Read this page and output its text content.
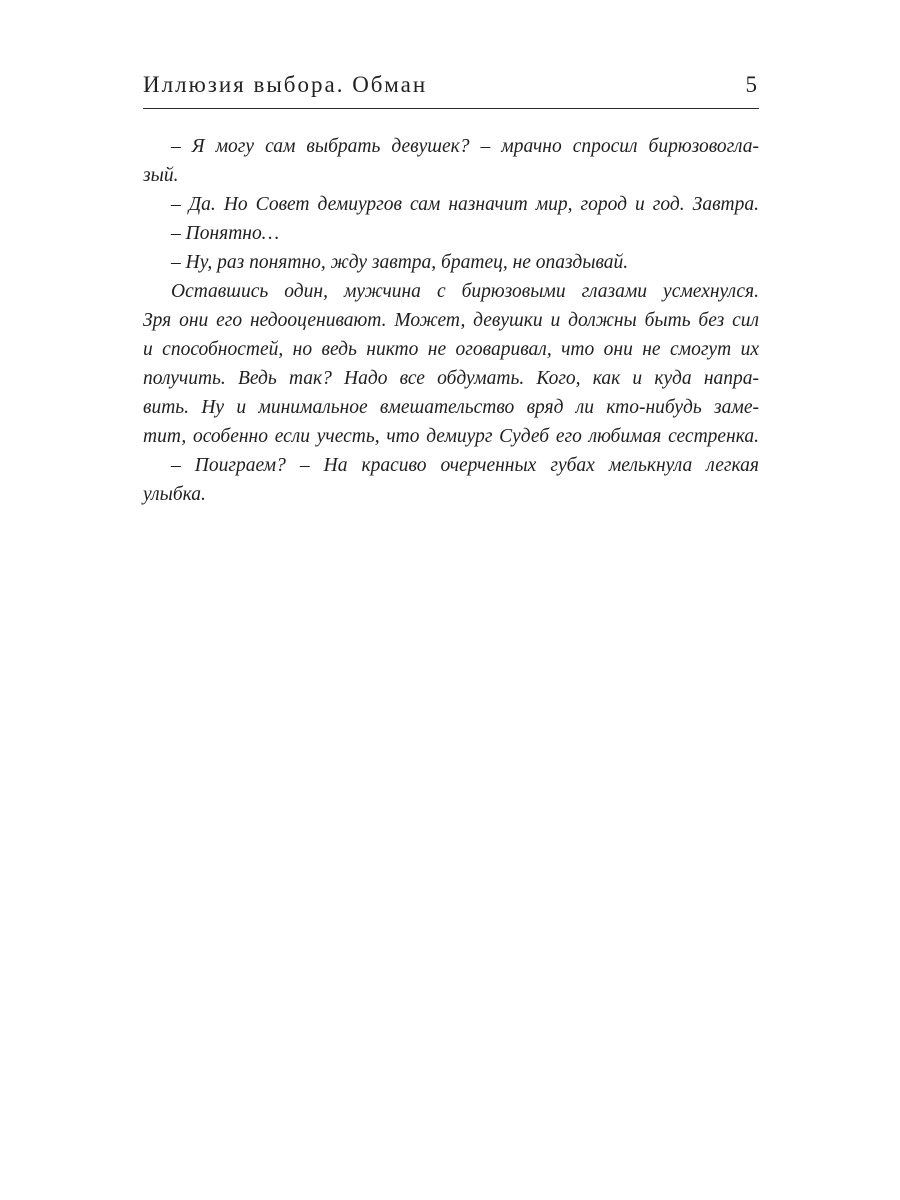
Иллюзия выбора. Обман	5
– Я могу сам выбрать девушек? – мрачно спросил бирюзовогла-
зый.
– Да. Но Совет демиургов сам назначит мир, город и год. Завтра.
– Понятно…
– Ну, раз понятно, жду завтра, братец, не опаздывай.
Оставшись один, мужчина с бирюзовыми глазами усмехнулся.
Зря они его недооценивают. Может, девушки и должны быть без сил
и способностей, но ведь никто не оговаривал, что они не смогут их
получить. Ведь так? Надо все обдумать. Кого, как и куда напра-
вить. Ну и минимальное вмешательство вряд ли кто-нибудь заме-
тит, особенно если учесть, что демиург Судеб его любимая сестренка.
– Поиграем? – На красиво очерченных губах мелькнула легкая
улыбка.
